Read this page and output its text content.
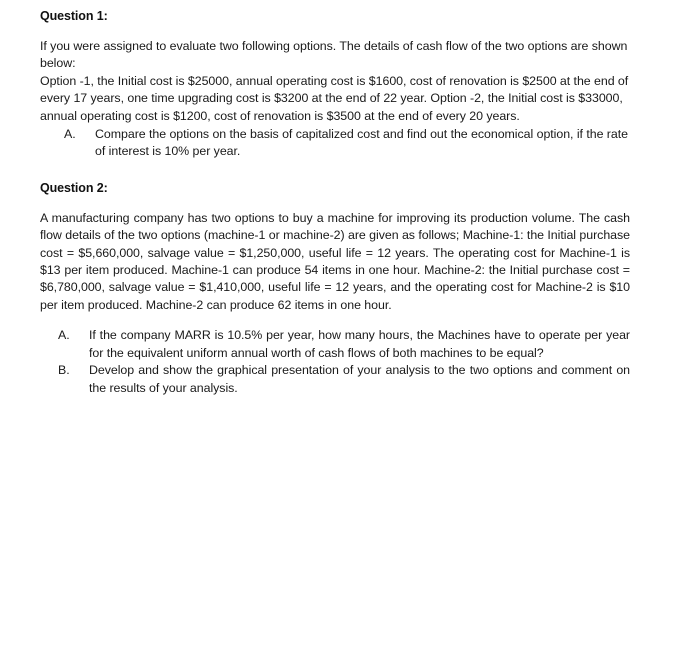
Question 1:

If you were assigned to evaluate two following options. The details of cash flow of the two options are shown below:

Option -1, the Initial cost is $25000, annual operating cost is $1600, cost of renovation is $2500 at the end of every 17 years, one time upgrading cost is $3200 at the end of 22 year. Option -2, the Initial cost is $33000, annual operating cost is $1200, cost of renovation is $3500 at the end of every 20 years.

A. Compare the options on the basis of capitalized cost and find out the economical option, if the rate of interest is 10% per year.
Question 2:

A manufacturing company has two options to buy a machine for improving its production volume. The cash flow details of the two options (machine-1 or machine-2) are given as follows; Machine-1: the Initial purchase cost = $5,660,000, salvage value = $1,250,000, useful life = 12 years. The operating cost for Machine-1 is $13 per item produced. Machine-1 can produce 54 items in one hour. Machine-2: the Initial purchase cost = $6,780,000, salvage value = $1,410,000, useful life = 12 years, and the operating cost for Machine-2 is $10 per item produced. Machine-2 can produce 62 items in one hour.

A. If the company MARR is 10.5% per year, how many hours, the Machines have to operate per year for the equivalent uniform annual worth of cash flows of both machines to be equal?
B. Develop and show the graphical presentation of your analysis to the two options and comment on the results of your analysis.
